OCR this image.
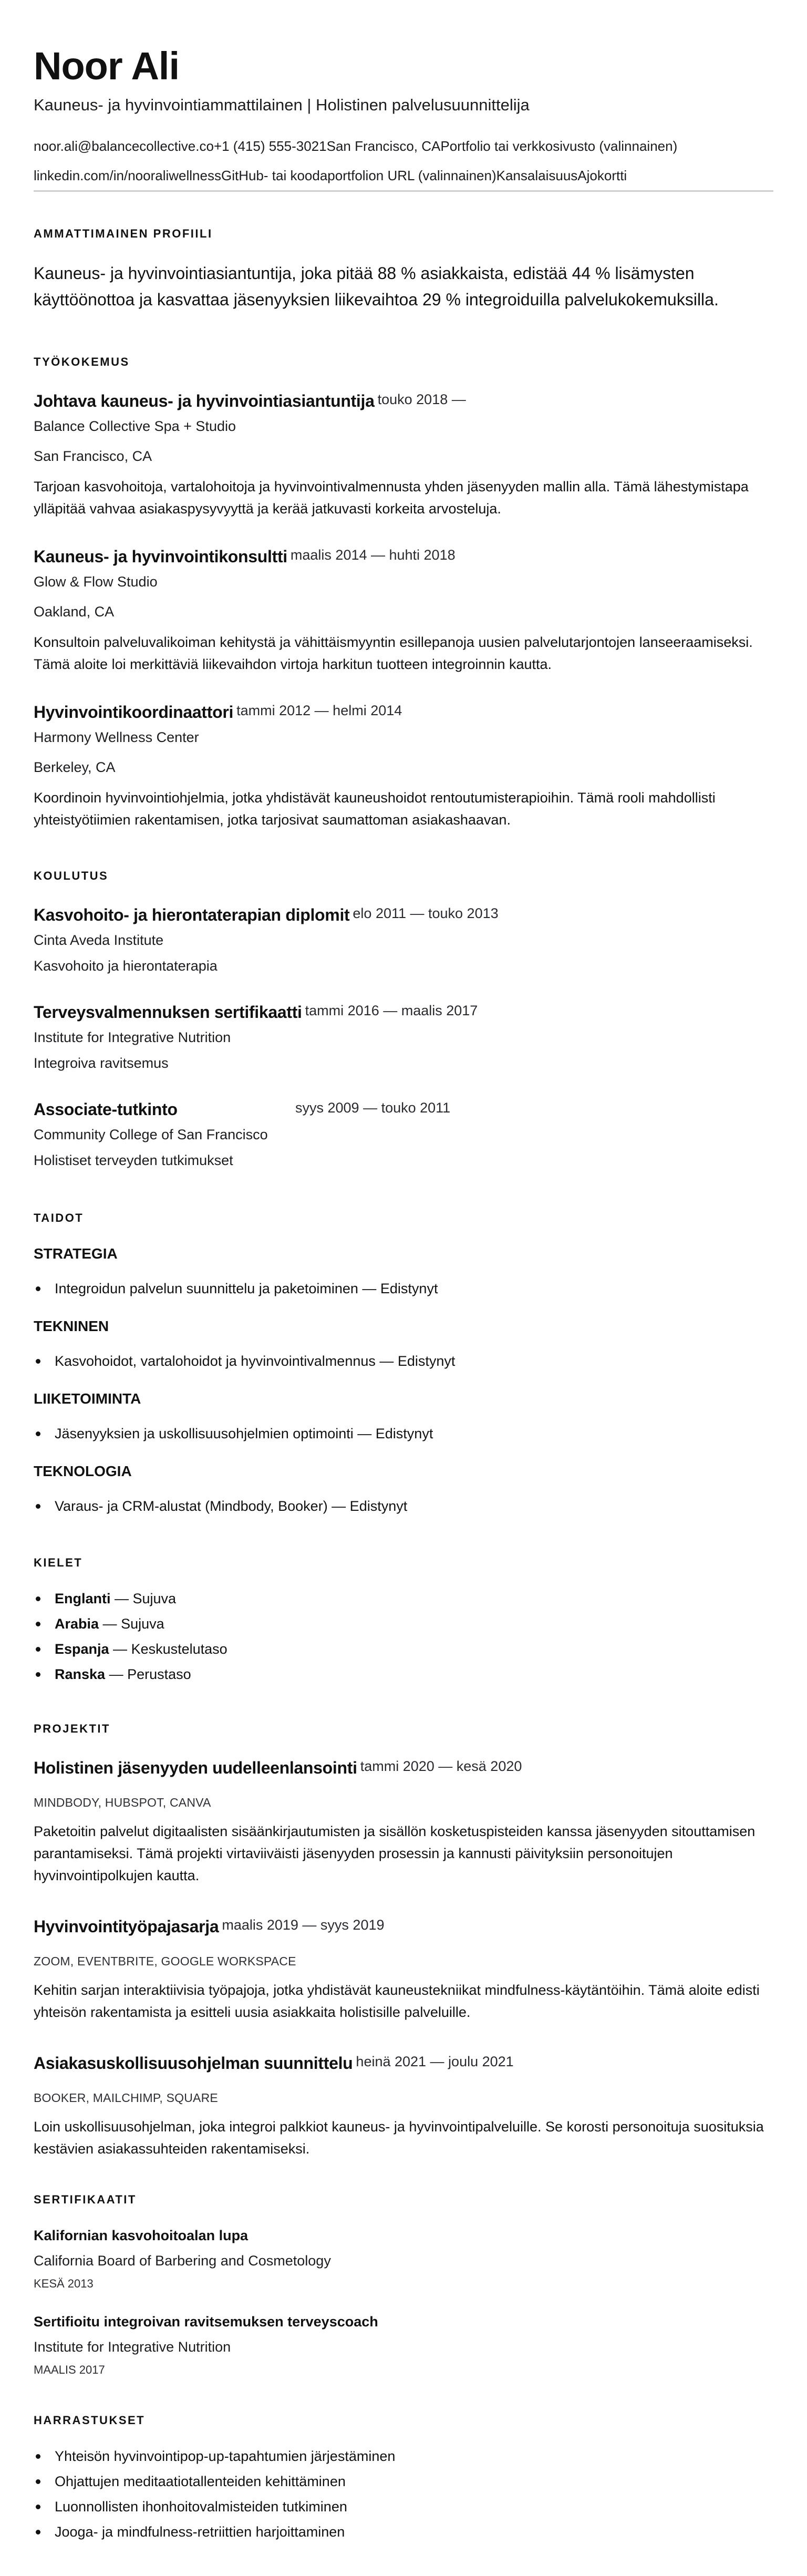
Noor Ali
Kauneus- ja hyvinvointiammattilainen | Holistinen palvelusuunnittelija
noor.ali@balancecollective.co+1 (415) 555-3021San Francisco, CAPortfolio tai verkkosivusto (valinnainen)
linkedin.com/in/nooraliwellnessGitHub- tai koodaportfolion URL (valinnainen)KansalaisuusAjokortti
AMMATTIMAINEN PROFIILI

Kauneus- ja hyvinvointiasiantuntija, joka pitää 88 % asiakkaista, edistää 44 % lisämysten käyttöönottoa ja kasvattaa jäsenyyksien liikevaihtoa 29 % integroiduilla palvelukokemuksilla.

TYÖKOKEMUS
Johtava kauneus- ja hyvinvointiasiantuntija touko 2018 —
Balance Collective Spa + Studio
San Francisco, CA

Tarjoan kasvohoitoja, vartalohoitoja ja hyvinvointivalmennusta yhden jäsenyyden mallin alla. Tämä lähestymistapa ylläpitää vahvaa asiakaspysyvyyttä ja kerää jatkuvasti korkeita arvosteluja.

Kauneus- ja hyvinvointikonsultti maalis 2014 — huhti 2018
Glow & Flow Studio
Oakland, CA

Konsultoin palveluvalikoiman kehitystä ja vähittäismyyntin esillepanoja uusien palvelutarjontojen lanseeraamiseksi. Tämä aloite loi merkittäviä liikevaihdon virtoja harkitun tuotteen integroinnin kautta.

Hyvinvointikoordinaattori tammi 2012 — helmi 2014
Harmony Wellness Center
Berkeley, CA

Koordinoin hyvinvointiohjelmia, jotka yhdistävät kauneushoidot rentoutumisterapioihin. Tämä rooli mahdollisti yhteistyötiimien rakentamisen, jotka tarjosivat saumattoman asiakashaavan.

KOULUTUS
Kasvohoito- ja hierontaterapian diplomit elo 2011 — touko 2013
Cinta Aveda Institute
Kasvohoito ja hierontaterapia
Terveysvalmennuksen sertifikaatti tammi 2016 — maalis 2017
Institute for Integrative Nutrition
Integroiva ravitsemus
Associate-tutkinto	syys 2009 — touko 2011
Community College of San Francisco
Holistiset terveyden tutkimukset
TAIDOT
STRATEGIA
Integroidun palvelun suunnittelu ja paketoiminen — Edistynyt
TEKNINEN
Kasvohoidot, vartalohoidot ja hyvinvointivalmennus — Edistynyt
LIIKETOIMINTA
Jäsenyyksien ja uskollisuusohjelmien optimointi — Edistynyt
TEKNOLOGIA
Varaus- ja CRM-alustat (Mindbody, Booker) — Edistynyt
KIELET
Englanti — Sujuva
Arabia — Sujuva
Espanja — Keskustelutaso
Ranska — Perustaso
PROJEKTIT
Holistinen jäsenyyden uudelleenlansointi tammi 2020 — kesä 2020
MINDBODY, HUBSPOT, CANVA

Paketoitin palvelut digitaalisten sisäänkirjautumisten ja sisällön kosketuspisteiden kanssa jäsenyyden sitouttamisen parantamiseksi. Tämä projekti virtaviiväisti jäsenyyden prosessin ja kannusti päivityksiin personoitujen hyvinvointipolkujen kautta.

Hyvinvointityöpajasarja maalis 2019 — syys 2019
ZOOM, EVENTBRITE, GOOGLE WORKSPACE

Kehitin sarjan interaktiivisia työpajoja, jotka yhdistävät kauneustekniikat mindfulness-käytäntöihin. Tämä aloite edisti yhteisön rakentamista ja esitteli uusia asiakkaita holistisille palveluille.

Asiakasuskollisuusohjelman suunnittelu heinä 2021 — joulu 2021
BOOKER, MAILCHIMP, SQUARE

Loin uskollisuusohjelman, joka integroi palkkiot kauneus- ja hyvinvointipalveluille. Se korosti personoituja suosituksia kestävien asiakassuhteiden rakentamiseksi.

SERTIFIKAATIT
Kalifornian kasvohoitoalan lupa
California Board of Barbering and Cosmetology
KESÄ 2013
Sertifioitu integroivan ravitsemuksen terveyscoach
Institute for Integrative Nutrition
MAALIS 2017
HARRASTUKSET
Yhteisön hyvinvointipop-up-tapahtumien järjestäminen
Ohjattujen meditaatiotallenteiden kehittäminen
Luonnollisten ihonhoitovalmisteiden tutkiminen
Jooga- ja mindfulness-retriittien harjoittaminen
